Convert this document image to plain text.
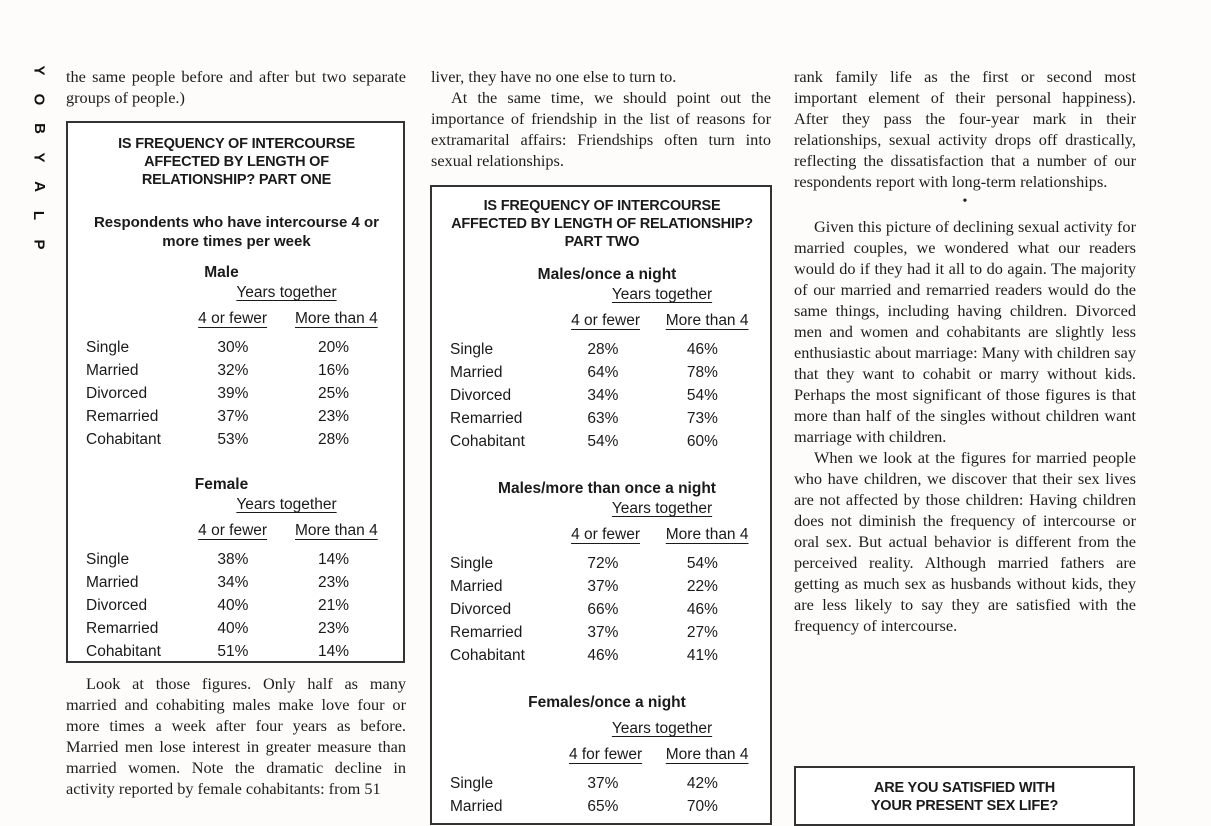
Y
O
B
Y
A
L
P

the same people before and after but two separate groups of people.)

IS FREQUENCY OF INTERCOURSE AFFECTED BY LENGTH OF RELATIONSHIP? PART ONE
Respondents who have intercourse 4 or more times per week
Male
Years together
4 or fewer	More than 4
Single	30%	20%
Married	32%	16%
Divorced	39%	25%
Remarried	37%	23%
Cohabitant	53%	28%
Female
Years together
4 or fewer	More than 4
Single	38%	14%
Married	34%	23%
Divorced	40%	21%
Remarried	40%	23%
Cohabitant	51%	14%

Look at those figures. Only half as many married and cohabiting males make love four or more times a week after four years as before. Married men lose interest in greater measure than married women. Note the dramatic decline in activity reported by female cohabitants: from 51

liver, they have no one else to turn to.

At the same time, we should point out the importance of friendship in the list of reasons for extramarital affairs: Friendships often turn into sexual relationships.

IS FREQUENCY OF INTERCOURSE AFFECTED BY LENGTH OF RELATIONSHIP? PART TWO
Males/once a night
Years together
4 or fewer	More than 4
Single	28%	46%
Married	64%	78%
Divorced	34%	54%
Remarried	63%	73%
Cohabitant	54%	60%
Males/more than once a night
Years together
4 or fewer	More than 4
Single	72%	54%
Married	37%	22%
Divorced	66%	46%
Remarried	37%	27%
Cohabitant	46%	41%
Females/once a night
Years together
4 for fewer	More than 4
Single	37%	42%
Married	65%	70%

rank family life as the first or second most important element of their personal happiness). After they pass the four-year mark in their relationships, sexual activity drops off drastically, reflecting the dissatisfaction that a number of our respondents report with long-term relationships.

•

Given this picture of declining sexual activity for married couples, we wondered what our readers would do if they had it all to do again. The majority of our married and remarried readers would do the same things, including having children. Divorced men and women and cohabitants are slightly less enthusiastic about marriage: Many with children say that they want to cohabit or marry without kids. Perhaps the most significant of those figures is that more than half of the singles without children want marriage with children.

When we look at the figures for married people who have children, we discover that their sex lives are not affected by those children: Having children does not diminish the frequency of intercourse or oral sex. But actual behavior is different from the perceived reality. Although married fathers are getting as much sex as husbands without kids, they are less likely to say they are satisfied with the frequency of intercourse.

ARE YOU SATISFIED WITH YOUR PRESENT SEX LIFE?
